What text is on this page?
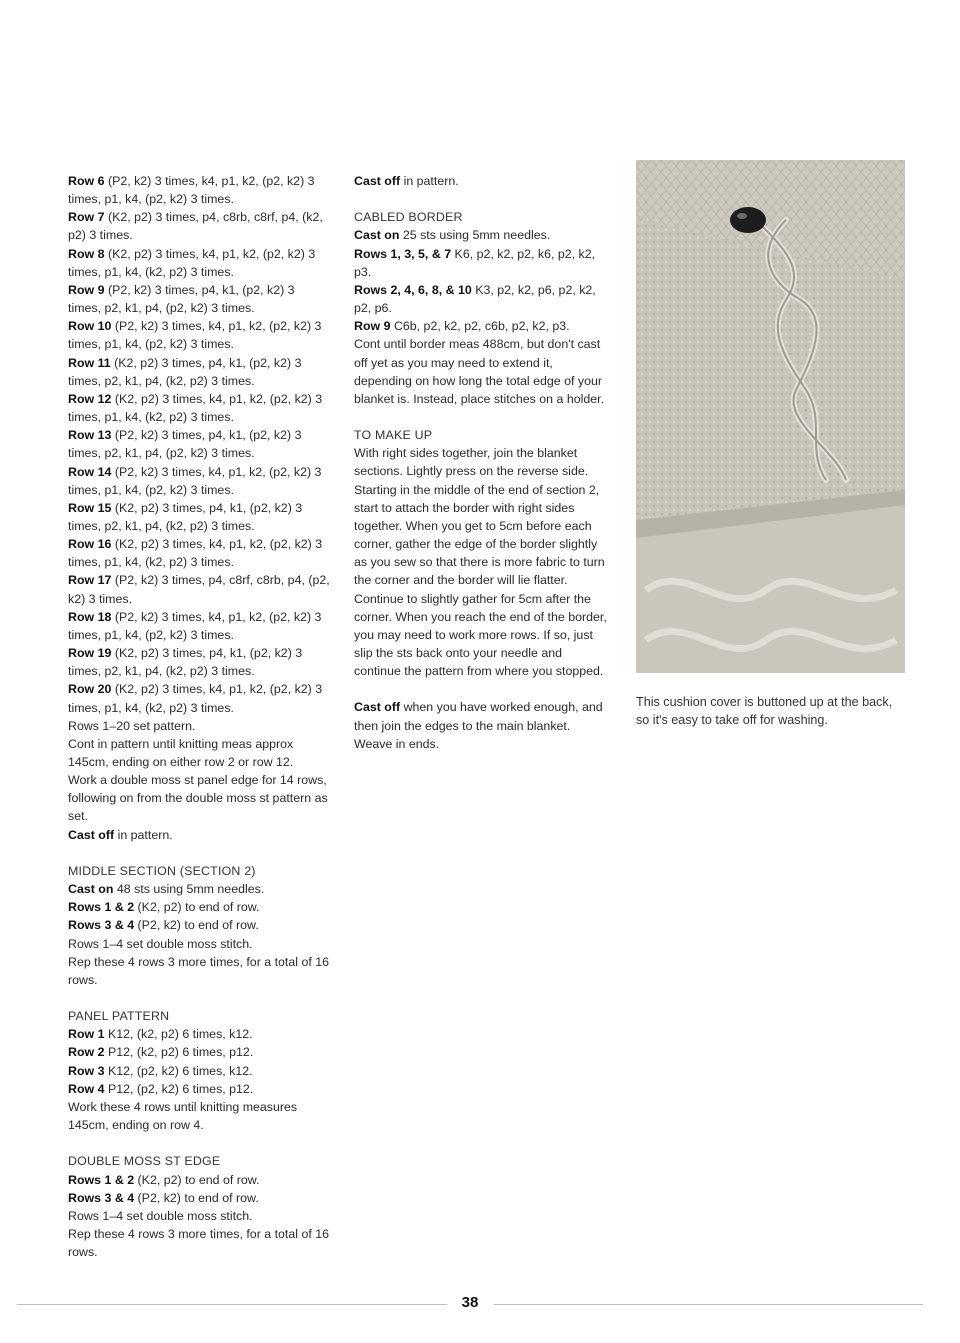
Row 6 (P2, k2) 3 times, k4, p1, k2, (p2, k2) 3 times, p1, k4, (p2, k2) 3 times.

Row 7 (K2, p2) 3 times, p4, c8rb, c8rf, p4, (k2, p2) 3 times.

Row 8 (K2, p2) 3 times, k4, p1, k2, (p2, k2) 3 times, p1, k4, (k2, p2) 3 times.

Row 9 (P2, k2) 3 times, p4, k1, (p2, k2) 3 times, p2, k1, p4, (p2, k2) 3 times.

Row 10 (P2, k2) 3 times, k4, p1, k2, (p2, k2) 3 times, p1, k4, (p2, k2) 3 times.

Row 11 (K2, p2) 3 times, p4, k1, (p2, k2) 3 times, p2, k1, p4, (k2, p2) 3 times.

Row 12 (K2, p2) 3 times, k4, p1, k2, (p2, k2) 3 times, p1, k4, (k2, p2) 3 times.

Row 13 (P2, k2) 3 times, p4, k1, (p2, k2) 3 times, p2, k1, p4, (p2, k2) 3 times.

Row 14 (P2, k2) 3 times, k4, p1, k2, (p2, k2) 3 times, p1, k4, (p2, k2) 3 times.

Row 15 (K2, p2) 3 times, p4, k1, (p2, k2) 3 times, p2, k1, p4, (k2, p2) 3 times.

Row 16 (K2, p2) 3 times, k4, p1, k2, (p2, k2) 3 times, p1, k4, (k2, p2) 3 times.

Row 17 (P2, k2) 3 times, p4, c8rf, c8rb, p4, (p2, k2) 3 times.

Row 18 (P2, k2) 3 times, k4, p1, k2, (p2, k2) 3 times, p1, k4, (p2, k2) 3 times.

Row 19 (K2, p2) 3 times, p4, k1, (p2, k2) 3 times, p2, k1, p4, (k2, p2) 3 times.

Row 20 (K2, p2) 3 times, k4, p1, k2, (p2, k2) 3 times, p1, k4, (k2, p2) 3 times.

Rows 1–20 set pattern.

Cont in pattern until knitting meas approx 145cm, ending on either row 2 or row 12.

Work a double moss st panel edge for 14 rows, following on from the double moss st pattern as set.

Cast off in pattern.

MIDDLE SECTION (SECTION 2)

Cast on 48 sts using 5mm needles.

Rows 1 & 2 (K2, p2) to end of row.

Rows 3 & 4 (P2, k2) to end of row.

Rows 1–4 set double moss stitch.

Rep these 4 rows 3 more times, for a total of 16 rows.

PANEL PATTERN

Row 1 K12, (k2, p2) 6 times, k12.

Row 2 P12, (k2, p2) 6 times, p12.

Row 3 K12, (p2, k2) 6 times, k12.

Row 4 P12, (p2, k2) 6 times, p12.

Work these 4 rows until knitting measures 145cm, ending on row 4.

DOUBLE MOSS ST EDGE

Rows 1 & 2 (K2, p2) to end of row.

Rows 3 & 4 (P2, k2) to end of row.

Rows 1–4 set double moss stitch.

Rep these 4 rows 3 more times, for a total of 16 rows.

Cast off in pattern.

CABLED BORDER

Cast on 25 sts using 5mm needles.

Rows 1, 3, 5, & 7 K6, p2, k2, p2, k6, p2, k2, p3.

Rows 2, 4, 6, 8, & 10 K3, p2, k2, p6, p2, k2, p2, p6.

Row 9 C6b, p2, k2, p2, c6b, p2, k2, p3.

Cont until border meas 488cm, but don't cast off yet as you may need to extend it, depending on how long the total edge of your blanket is. Instead, place stitches on a holder.

TO MAKE UP

With right sides together, join the blanket sections. Lightly press on the reverse side.

Starting in the middle of the end of section 2, start to attach the border with right sides together. When you get to 5cm before each corner, gather the edge of the border slightly as you sew so that there is more fabric to turn the corner and the border will lie flatter. Continue to slightly gather for 5cm after the corner. When you reach the end of the border, you may need to work more rows. If so, just slip the sts back onto your needle and continue the pattern from where you stopped.

Cast off when you have worked enough, and then join the edges to the main blanket. Weave in ends.

This cushion cover is buttoned up at the back, so it's easy to take off for washing.

38
